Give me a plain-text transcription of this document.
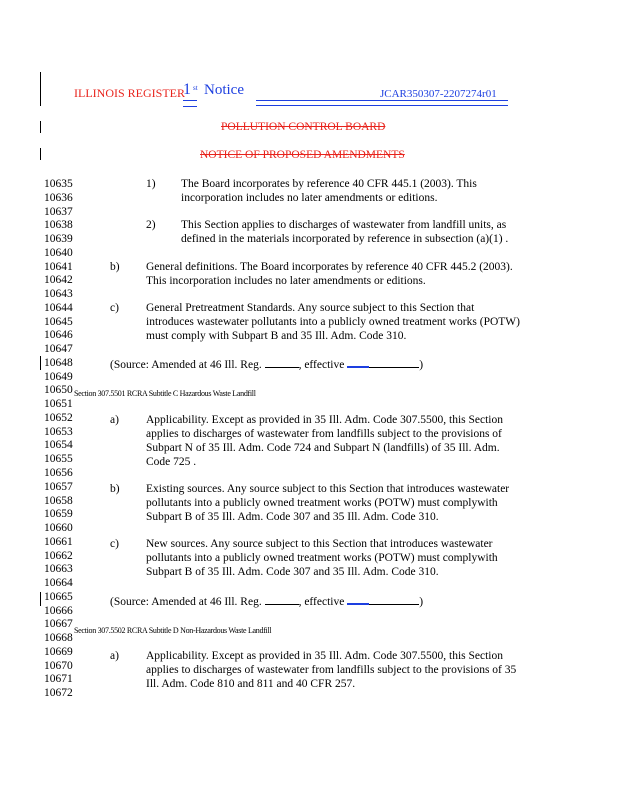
ILLINOIS REGISTER
1 $^{st}$ Notice	JCAR350307-2207274r01
POLLUTION CONTROL BOARD
NOTICE OF PROPOSED AMENDMENTS
10635
10636
10637
10638
10639
10640
10641
10642
10643
10644
10645
10646
10647
10648
10649
10650
10651
10652
10653
10654
10655
10656
10657
10658
10659
10660
10661
10662
10663
10664
10665
10666
10667
10668
10669
10670
10671
10672
1) The Board incorporates by reference 40 CFR 445.1 (2003). This
incorporation includes no later amendments or editions.
2) This Section applies to discharges of wastewater from landfill units, as
defined in the materials incorporated by reference in subsection (a)(1) .
b) General definitions. The Board incorporates by reference 40 CFR 445.2 (2003).
This incorporation includes no later amendments or editions.
c) General Pretreatment Standards. Any source subject to this Section that
introduces wastewater pollutants into a publicly owned treatment works (POTW)
must comply with Subpart B and 35 Ill. Adm. Code 310.
(Source: Amended at 46 Ill. Reg.	, effective	)
Section 307.5501 RCRA Subtitle C Hazardous Waste Landfill
a) Applicability. Except as provided in 35 Ill. Adm. Code 307.5500, this Section
applies to discharges of wastewater from landfills subject to the provisions of
Subpart N of 35 Ill. Adm. Code 724 and Subpart N (landfills) of 35 Ill. Adm.
Code 725 .
b) Existing sources. Any source subject to this Section that introduces wastewater
pollutants into a publicly owned treatment works (POTW) must complywith
Subpart B of 35 Ill. Adm. Code 307 and 35 Ill. Adm. Code 310.
c) New sources. Any source subject to this Section that introduces wastewater
pollutants into a publicly owned treatment works (POTW) must complywith
Subpart B of 35 Ill. Adm. Code 307 and 35 Ill. Adm. Code 310.
(Source: Amended at 46 Ill. Reg.	, effective	)
Section 307.5502 RCRA Subtitle D Non-Hazardous Waste Landfill
a) Applicability. Except as provided in 35 Ill. Adm. Code 307.5500, this Section
applies to discharges of wastewater from landfills subject to the provisions of 35
Ill. Adm. Code 810 and 811 and 40 CFR 257.
